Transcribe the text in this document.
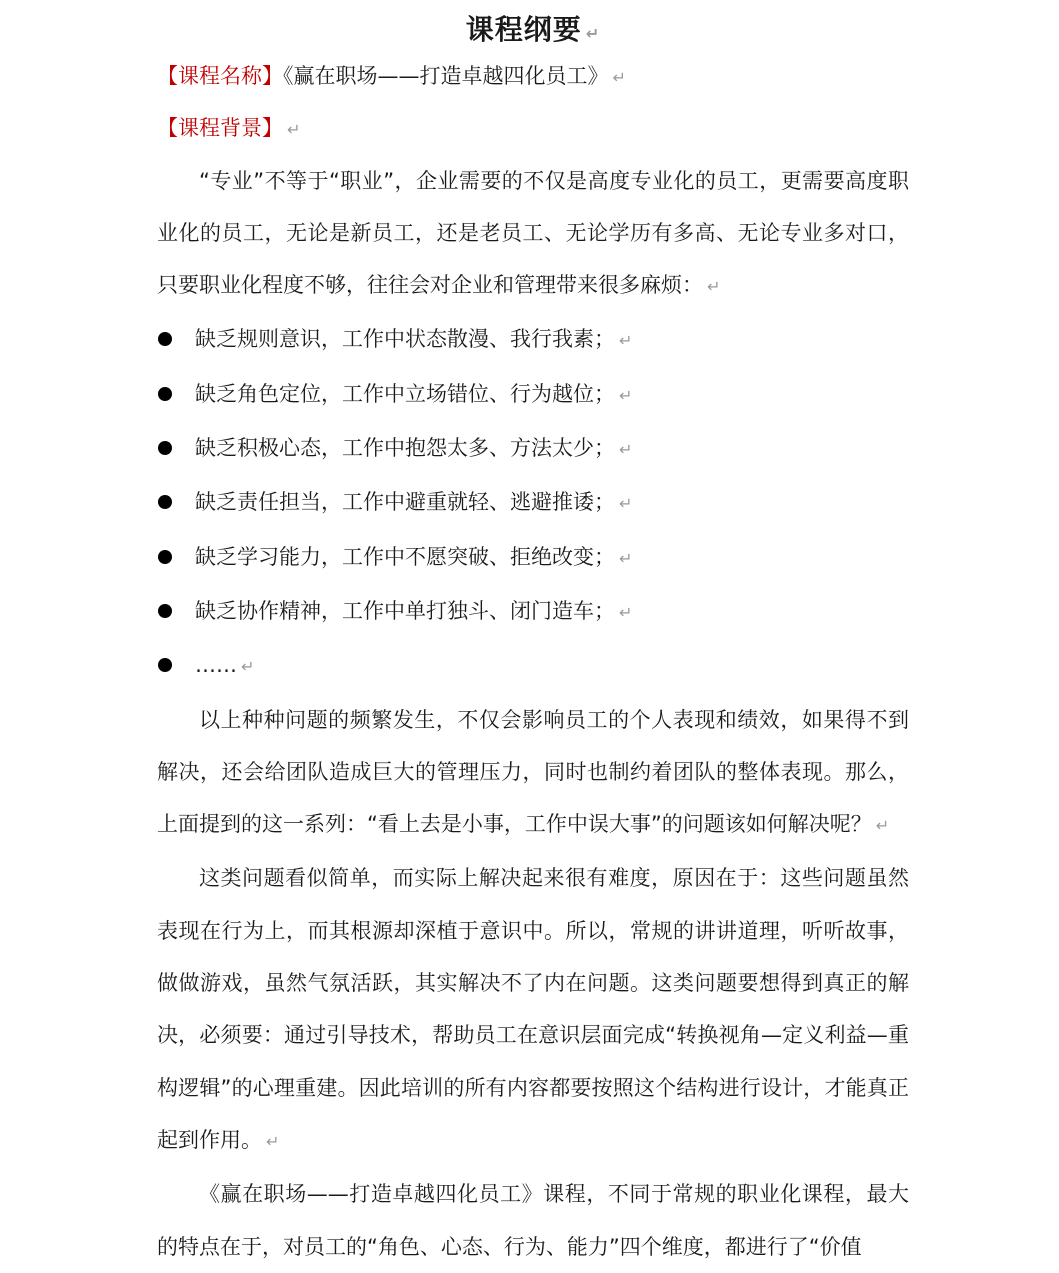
课程纲要 ↵

【课程名称】《赢在职场——打造卓越四化员工》 ↵

【课程背景】 ↵

“专业”不等于“职业”，企业需要的不仅是高度专业化的员工，更需要高度职业化的员工，无论是新员工，还是老员工、无论学历有多高、无论专业多对口，只要职业化程度不够，往往会对企业和管理带来很多麻烦： ↵

缺乏规则意识，工作中状态散漫、我行我素； ↵
缺乏角色定位，工作中立场错位、行为越位； ↵
缺乏积极心态，工作中抱怨太多、方法太少； ↵
缺乏责任担当，工作中避重就轻、逃避推诿； ↵
缺乏学习能力，工作中不愿突破、拒绝改变； ↵
缺乏协作精神，工作中单打独斗、闭门造车； ↵
…… ↵

以上种种问题的频繁发生，不仅会影响员工的个人表现和绩效，如果得不到解决，还会给团队造成巨大的管理压力，同时也制约着团队的整体表现。那么，上面提到的这一系列：“看上去是小事，工作中误大事”的问题该如何解决呢？ ↵

这类问题看似简单，而实际上解决起来很有难度，原因在于：这些问题虽然表现在行为上，而其根源却深植于意识中。所以，常规的讲讲道理，听听故事，做做游戏，虽然气氛活跃，其实解决不了内在问题。这类问题要想得到真正的解决，必须要：通过引导技术，帮助员工在意识层面完成“转换视角—定义利益—重构逻辑”的心理重建。因此培训的所有内容都要按照这个结构进行设计，才能真正起到作用。 ↵

《赢在职场——打造卓越四化员工》课程，不同于常规的职业化课程，最大的特点在于，对员工的“角色、心态、行为、能力”四个维度，都进行了“价值
